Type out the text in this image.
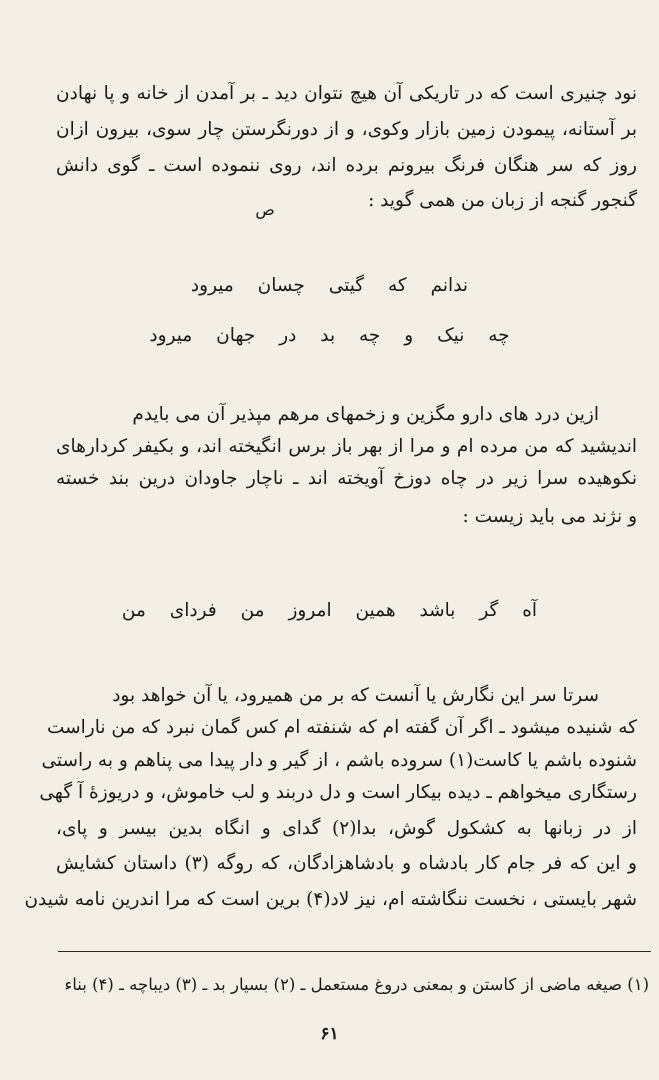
نود چنیری است که در تاریکی آن هیچ نتوان دید ـ بر آمدن از خانه و پا نهادن
بر آستانه، پیمودن زمین بازار وکوی، و از دورنگرستن چار سوی، بیرون ازان
روز که سر هنگان فرنگ بیرونم برده اند، روی ننموده است ـ گوی دانش
گنجور گنجه از زبان من همی گوید :
ص
ندانم که گیتی چسان میرود
چه نیک و چه بد در جهان میرود
ازین درد های دارو مگزین و زخمهای مرهم مپذیر آن می بایدم
اندیشید که من مرده ام و مرا از بهر باز برس انگیخته اند، و بکیفر کردارهای
نکوهیده سرا زیر در چاه دوزخ آویخته اند ـ ناچار جاودان درین بند خسته
و نژند می باید زیست :
آه گر باشد همین امروز من فردای من
سرتا سر این نگارش یا آنست که بر من همیرود، یا آن خواهد بود
که شنیده میشود ـ اگر آن گفته ام که شنفته ام کس گمان نبرد که من ناراست
شنوده باشم یا کاست(۱) سروده باشم ، از گیر و دار پیدا می پناهم و به راستی
رستگاری میخواهم ـ دیده بیکار است و دل دربند و لب خاموش، و دریوزهٔ آ گهی
از در زبانها به کشکول گوش، بدا(۲) گدای و انگاه بدین بیسر و پای،
و این که فر جام کار بادشاه و بادشاهزادگان، که روگه (۳) داستان کشایش
شهر بایستی ، نخست ننگاشته ام، نیز لاد(۴) برین است که مرا اندرین نامه شیدن
(۱) صیغه ماضی از کاستن و بمعنی دروغ مستعمل ـ (۲) بسیار بد ـ (۳) دیباچه ـ (۴) بناء
۶۱
